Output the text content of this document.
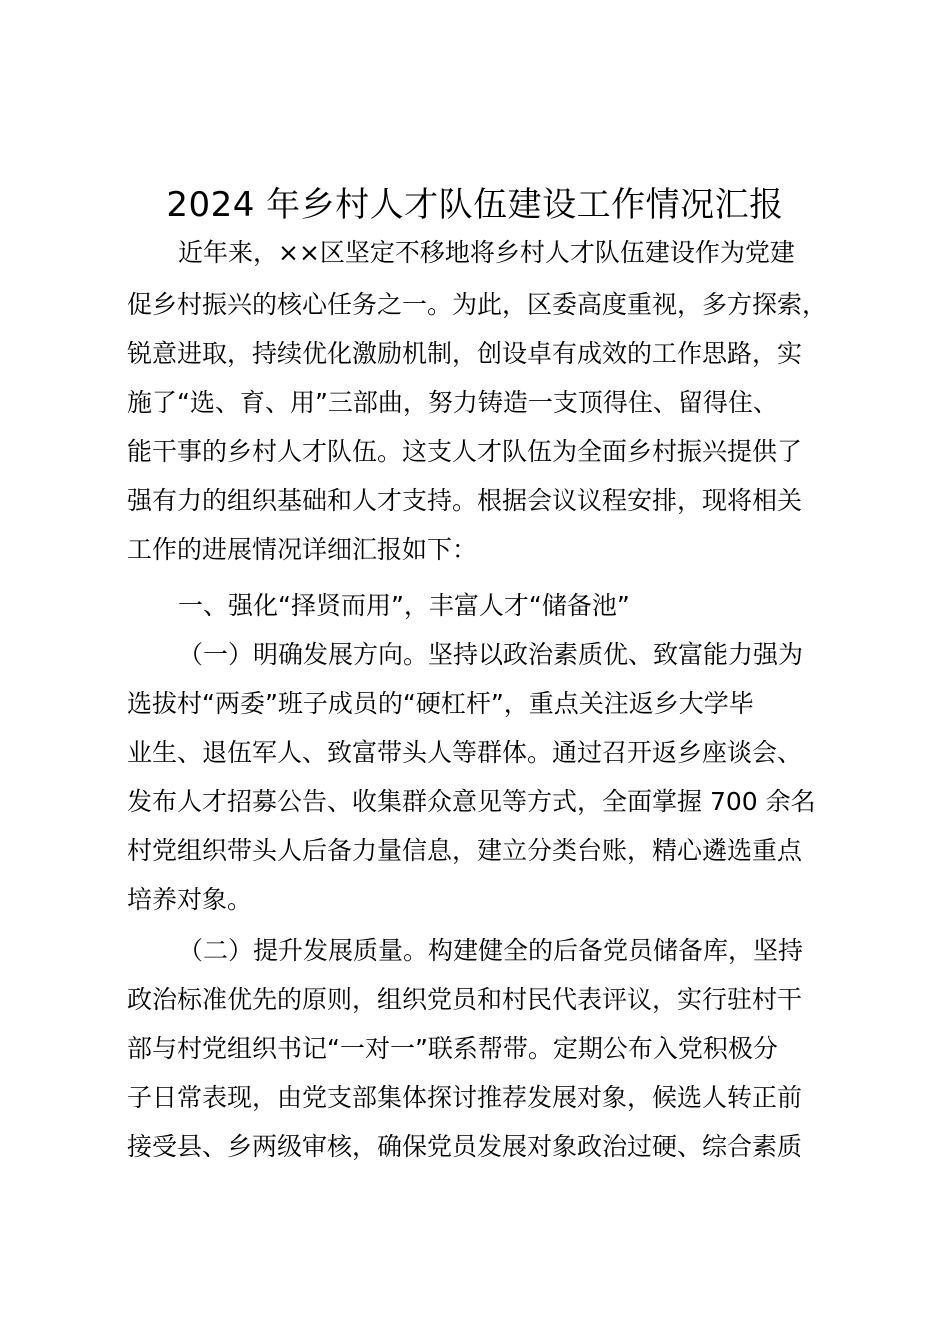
2024 年乡村人才队伍建设工作情况汇报
近年来，××区坚定不移地将乡村人才队伍建设作为党建
促乡村振兴的核心任务之一。为此，区委高度重视，多方探索，
锐意进取，持续优化激励机制，创设卓有成效的工作思路，实
施了“选、育、用”三部曲，努力铸造一支顶得住、留得住、
能干事的乡村人才队伍。这支人才队伍为全面乡村振兴提供了
强有力的组织基础和人才支持。根据会议议程安排，现将相关
工作的进展情况详细汇报如下：
一、强化“择贤而用”，丰富人才“储备池”
（一）明确发展方向。坚持以政治素质优、致富能力强为
选拔村“两委”班子成员的“硬杠杆”，重点关注返乡大学毕
业生、退伍军人、致富带头人等群体。通过召开返乡座谈会、
发布人才招募公告、收集群众意见等方式，全面掌握 700 余名
村党组织带头人后备力量信息，建立分类台账，精心遴选重点
培养对象。
（二）提升发展质量。构建健全的后备党员储备库，坚持
政治标准优先的原则，组织党员和村民代表评议，实行驻村干
部与村党组织书记“一对一”联系帮带。定期公布入党积极分
子日常表现，由党支部集体探讨推荐发展对象，候选人转正前
接受县、乡两级审核，确保党员发展对象政治过硬、综合素质
